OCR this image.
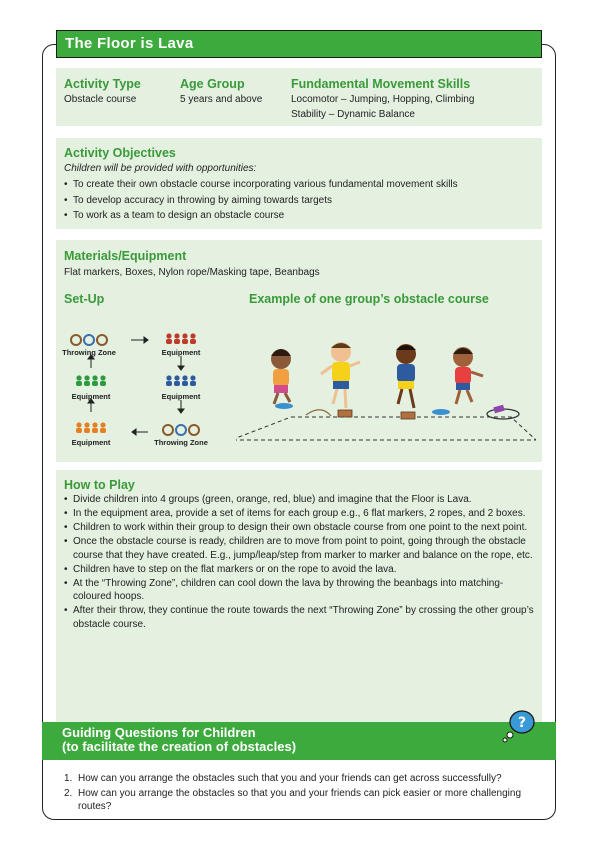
The Floor is Lava
Activity Type
Obstacle course
Age Group
5 years and above
Fundamental Movement Skills
Locomotor – Jumping, Hopping, Climbing
Stability – Dynamic Balance
Activity Objectives
Children will be provided with opportunities:
• To create their own obstacle course incorporating various fundamental movement skills
• To develop accuracy in throwing by aiming towards targets
• To work as a team to design an obstacle course
Materials/Equipment
Flat markers, Boxes, Nylon rope/Masking tape, Beanbags
Set-Up	Example of one group’s obstacle course
Throwing Zone	Equipment
Equipment	Equipment
Equipment	Throwing Zone
How to Play
• Divide children into 4 groups (green, orange, red, blue) and imagine that the Floor is Lava.
• In the equipment area, provide a set of items for each group e.g., 6 flat markers, 2 ropes, and 2 boxes.
• Children to work within their group to design their own obstacle course from one point to the next point.
• Once the obstacle course is ready, children are to move from point to point, going through the obstacle course that they have created. E.g., jump/leap/step from marker to marker and balance on the rope, etc.
• Children have to step on the flat markers or on the rope to avoid the lava.
• At the “Throwing Zone”, children can cool down the lava by throwing the beanbags into matching-coloured hoops.
• After their throw, they continue the route towards the next “Throwing Zone” by crossing the other group’s obstacle course.
Guiding Questions for Children
(to facilitate the creation of obstacles)
?
1. How can you arrange the obstacles such that you and your friends can get across successfully?
2. How can you arrange the obstacles so that you and your friends can pick easier or more challenging routes?
